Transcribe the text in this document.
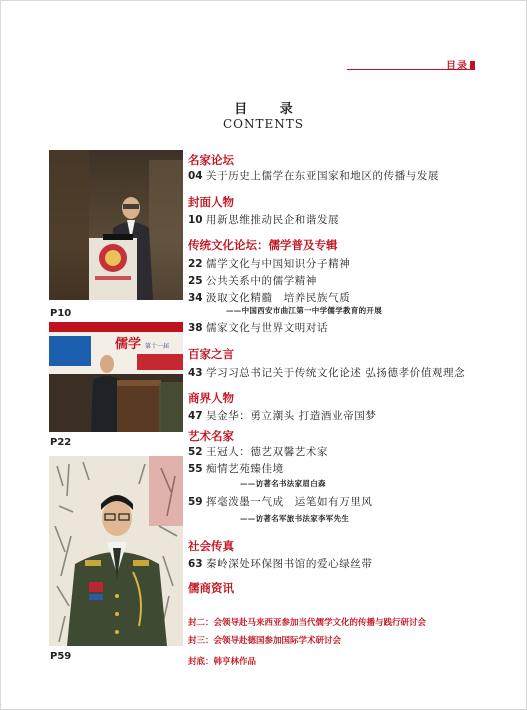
目录
目 录
CONTENTS
P10
儒学 第十一届
P22
P59
名家论坛
04 关于历史上儒学在东亚国家和地区的传播与发展
封面人物
10 用新思维推动民企和谐发展
传统文化论坛：儒学普及专辑
22 儒学文化与中国知识分子精神
25 公共关系中的儒学精神
34 汲取文化精髓　培养民族气质
——中国西安市曲江第一中学儒学教育的开展
38 儒家文化与世界文明对话
百家之言
43 学习习总书记关于传统文化论述 弘扬德孝价值观理念
商界人物
47 吴金华：勇立潮头 打造酒业帝国梦
艺术名家
52 王冠人：德艺双馨艺术家
55 痴情艺苑臻佳境
——访著名书法家眉白森
59 挥毫泼墨一气成　运笔如有万里风
——访著名军旅书法家李军先生
社会传真
63 秦岭深处环保图书馆的爱心绿丝带
儒商资讯
封二：会领导赴马来西亚参加当代儒学文化的传播与践行研讨会
封三：会领导赴德国参加国际学术研讨会
封底：韩亨林作品
